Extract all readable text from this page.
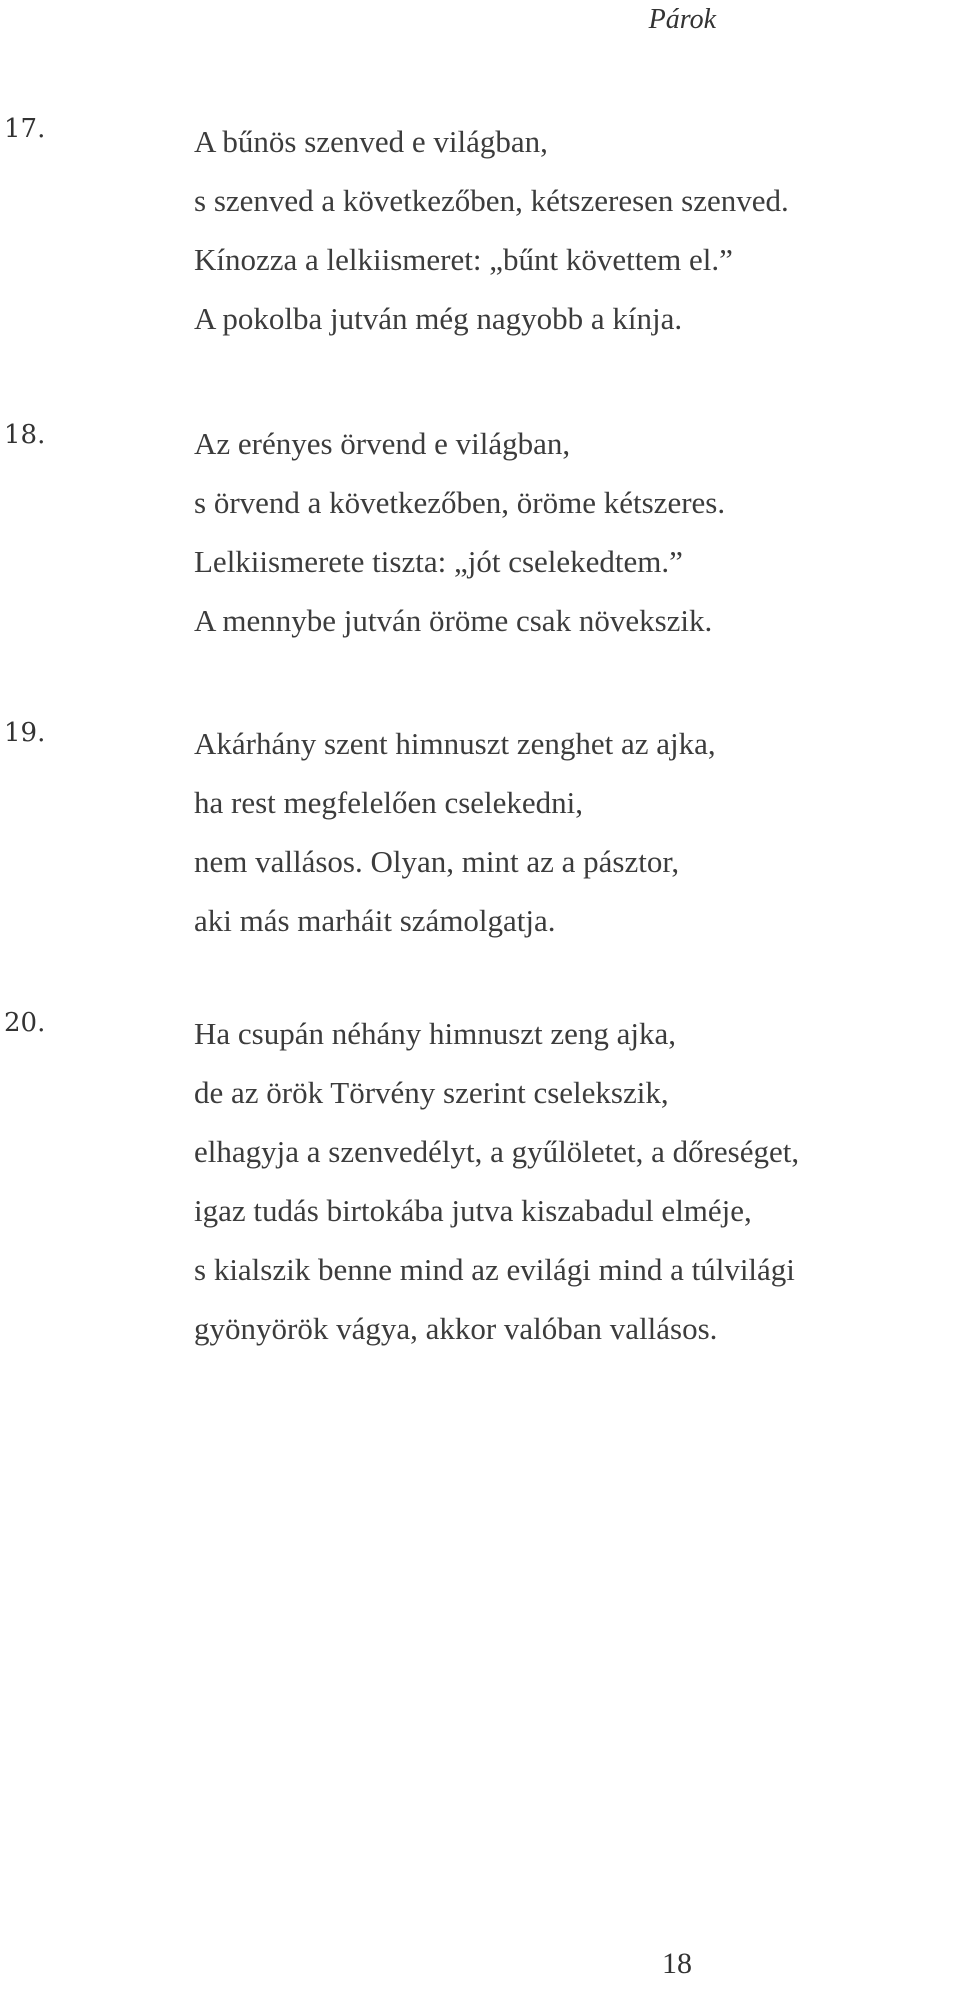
Párok
17.	A bűnös szenved e világban,
s szenved a következőben, kétszeresen szenved.
Kínozza a lelkiismeret: „bűnt követtem el.”
A pokolba jutván még nagyobb a kínja.
18.	Az erényes örvend e világban,
s örvend a következőben, öröme kétszeres.
Lelkiismerete tiszta: „jót cselekedtem.”
A mennybe jutván öröme csak növekszik.
19.	Akárhány szent himnuszt zenghet az ajka,
ha rest megfelelően cselekedni,
nem vallásos. Olyan, mint az a pásztor,
aki más marháit számolgatja.
20.	Ha csupán néhány himnuszt zeng ajka,
de az örök Törvény szerint cselekszik,
elhagyja a szenvedélyt, a gyűlöletet, a dőreséget,
igaz tudás birtokába jutva kiszabadul elméje,
s kialszik benne mind az evilági mind a túlvilági
gyönyörök vágya, akkor valóban vallásos.
18
